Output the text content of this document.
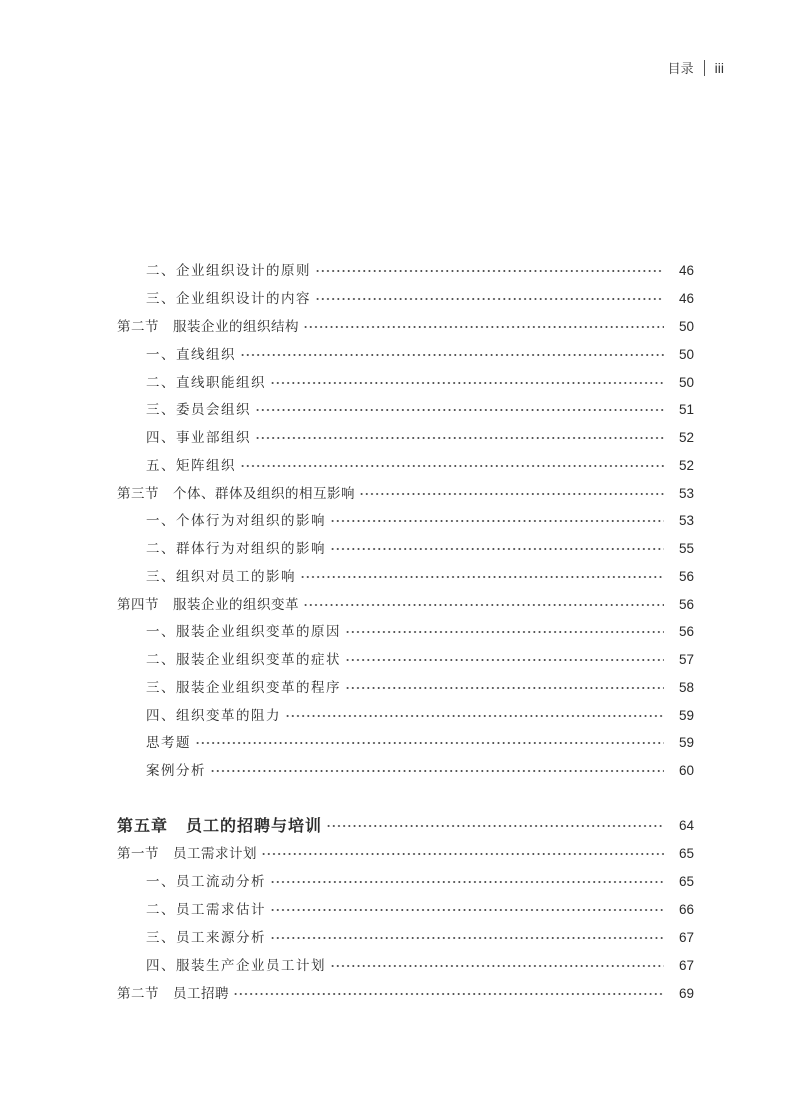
目录 iii
二、企业组织设计的原则	46
三、企业组织设计的内容	46
第二节 服装企业的组织结构	50
一、直线组织	50
二、直线职能组织	50
三、委员会组织	51
四、事业部组织	52
五、矩阵组织	52
第三节 个体、群体及组织的相互影响	53
一、个体行为对组织的影响	53
二、群体行为对组织的影响	55
三、组织对员工的影响	56
第四节 服装企业的组织变革	56
一、服装企业组织变革的原因	56
二、服装企业组织变革的症状	57
三、服装企业组织变革的程序	58
四、组织变革的阻力	59
思考题	59
案例分析	60
第五章 员工的招聘与培训	64
第一节 员工需求计划	65
一、员工流动分析	65
二、员工需求估计	66
三、员工来源分析	67
四、服装生产企业员工计划	67
第二节 员工招聘	69
